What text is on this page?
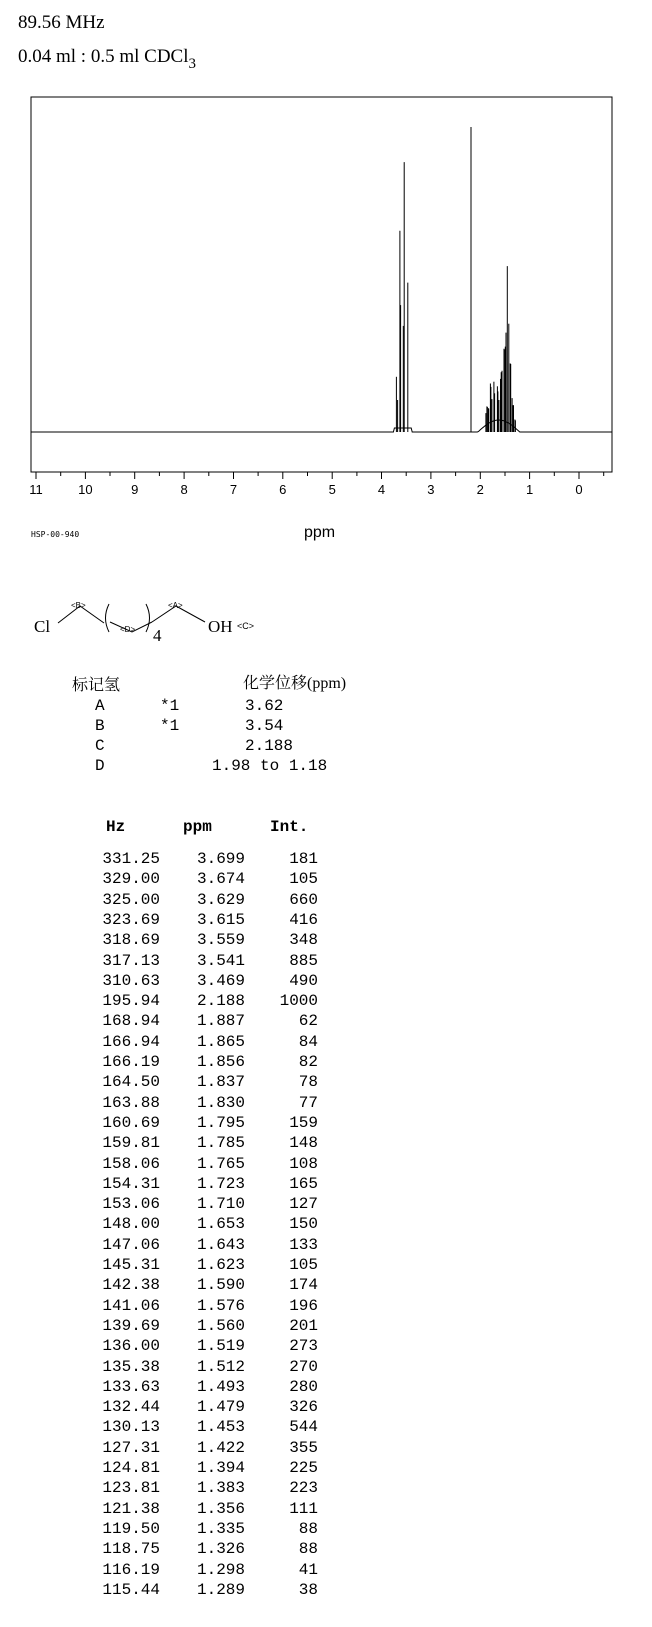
89.56 MHz
0.04 ml : 0.5 ml CDCl$_3$
11	10	9	8	7	6	5	4	3	2	1	0
HSP-00-940	ppm
Cl
<B>
<D> 4
<A>
OH <C>
标记氢	化学位移(ppm)
A	*1	3.62
B	*1	3.54
C	2.188
D	1.98 to 1.18
Hz	ppm	Int.
331.25	3.699	181
329.00	3.674	105
325.00	3.629	660
323.69	3.615	416
318.69	3.559	348
317.13	3.541	885
310.63	3.469	490
195.94	2.188	1000
168.94	1.887	62
166.94	1.865	84
166.19	1.856	82
164.50	1.837	78
163.88	1.830	77
160.69	1.795	159
159.81	1.785	148
158.06	1.765	108
154.31	1.723	165
153.06	1.710	127
148.00	1.653	150
147.06	1.643	133
145.31	1.623	105
142.38	1.590	174
141.06	1.576	196
139.69	1.560	201
136.00	1.519	273
135.38	1.512	270
133.63	1.493	280
132.44	1.479	326
130.13	1.453	544
127.31	1.422	355
124.81	1.394	225
123.81	1.383	223
121.38	1.356	111
119.50	1.335	88
118.75	1.326	88
116.19	1.298	41
115.44	1.289	38
